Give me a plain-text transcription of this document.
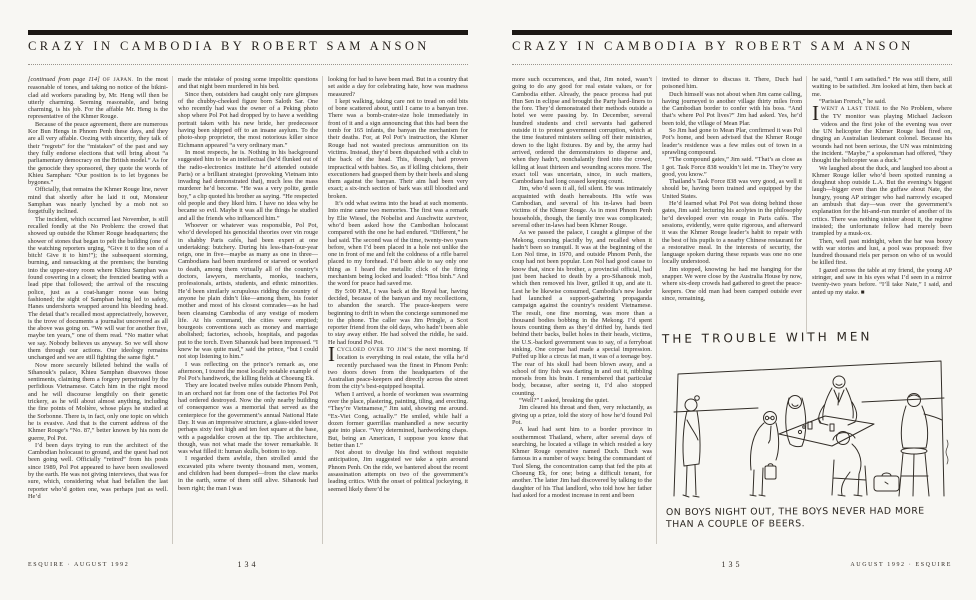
CRAZY IN CAMBODIA BY ROBERT SAM ANSON

[continued from page 114] OF JAPAN. In the most reasonable of tones, and taking no notice of the bikini-clad aid workers parading by, Mr. Heng will then be utterly charming. Seeming reasonable, and being charming, is his job. For the affable Mr. Heng is the representative of the Khmer Rouge.

Because of the peace agreement, there are numerous Kor Bun Hengs in Phnom Penh these days, and they are all very affable. Oozing with sincerity, they talk of their “regrets” for the “mistakes” of the past and say they fully endorse elections that will bring about “a parliamentary democracy on the British model.” As for the genocide they sponsored, they quote the words of Khieu Samphan: “Our position is to let bygones be bygones.”

Officially, that remains the Khmer Rouge line, never mind that shortly after he laid it out, Monsieur Samphan was nearly lynched by a mob not so forgetfully inclined.

The incident, which occurred last November, is still recalled fondly at the No Problem: the crowd that showed up outside the Khmer Rouge headquarters; the shower of stones that began to pelt the building (one of the watching reporters urging, “Give it to the son of a bitch! Give it to him!”); the subsequent storming, burning, and ransacking at the premises; the bursting into the upper-story room where Khieu Samphan was found cowering in a closet; the frenzied beating with a lead pipe that followed; the arrival of the rescuing police, just as a coat-hanger noose was being fashioned; the sight of Samphan being led to safety, Hanes undershorts wrapped around his bleeding head. The detail that’s recalled most appreciatively, however, is the trove of documents a journalist uncovered as all the above was going on. “We will war for another five, maybe ten years,” one of them read. “No matter what we say. Nobody believes us anyway. So we will show them through our actions. Our ideology remains unchanged and we are still fighting the same fight.”

Now more securely billeted behind the walls of Sihanouk’s palace, Khieu Samphan disavows those sentiments, claiming them a forgery perpetrated by the perfidious Vietnamese. Catch him in the right mood and he will discourse lengthily on their genetic trickery, as he will about almost anything, including the fine points of Molière, whose plays he studied at the Sorbonne. There is, in fact, only one topic on which he is evasive. And that is the current address of the Khmer Rouge’s “No. 87,” better known by his nom de guerre, Pol Pot.

I’d been days trying to run the architect of the Cambodian holocaust to ground, and the quest had not been going well. Officially “retired” from his posts since 1989, Pol Pot appeared to have been swallowed by the earth. He was not giving interviews, that was for sure, which, considering what had befallen the last reporter who’d gotten one, was perhaps just as well. He’d

made the mistake of posing some impolitic questions and that night been murdered in his bed.

Since then, outsiders had caught only rare glimpses of the chubby-cheeked figure born Saloth Sar. One who recently had was the owner of a Peking photo shop where Pol Pot had dropped by to have a wedding portrait taken with his new bride, her predecessor having been shipped off to an insane asylum. To the photo-shop proprietor, the most notorious killer since Eichmann appeared “a very ordinary man.”

In most respects, he is. Nothing in his background suggested him to be an intellectual (he’d flunked out of the radio-electronics institute he’d attended outside Paris) or a brilliant strategist (provoking Vietnam into invading had demonstrated that), much less the mass murderer he’d become. “He was a very polite, gentle boy,” a clip quoted his brother as saying. “He respected old people and they liked him. I have no idea why he became so evil. Maybe it was all the things he studied and all the friends who influenced him.”

Whoever or whatever was responsible, Pol Pot, who’d developed his genocidal theories over vin rouge in shabby Paris cafés, had been expert at one undertaking: butchery. During his less-than-four-year reign, one in five—maybe as many as one in three—Cambodians had been murdered or starved or worked to death, among them virtually all of the country’s doctors, lawyers, merchants, monks, teachers, professionals, artists, students, and ethnic minorities. He’d been similarly scrupulous ridding the country of anyone he plain didn’t like—among them, his foster mother and most of his closest comrades—as he had been cleansing Cambodia of any vestige of modern life. At his command, the cities were emptied; bourgeois conventions such as money and marriage abolished; factories, schools, hospitals, and pagodas put to the torch. Even Sihanouk had been impressed. “I knew he was quite mad,” said the prince, “but I could not stop listening to him.”

I was reflecting on the prince’s remark as, one afternoon, I toured the most locally notable example of Pol Pot’s handiwork, the killing fields at Choeung Ek.

They are located twelve miles outside Phnom Penh, in an orchard not far from one of the factories Pol Pot had ordered destroyed. Now the only nearby building of consequence was a memorial that served as the centerpiece for the government’s annual National Hate Day. It was an impressive structure, a glass-sided tower perhaps sixty feet high and ten feet square at the base, with a pagodalike crown at the tip. The architecture, though, was not what made the tower remarkable. It was what filled it: human skulls, bottom to top.

I regarded them awhile, then strolled amid the excavated pits where twenty thousand men, women, and children had been dumped—from the claw marks in the earth, some of them still alive. Sihanouk had been right; the man I was

looking for had to have been mad. But in a country that set aside a day for celebrating hate, how was madness measured?

I kept walking, taking care not to tread on odd bits of bone scattered about, until I came to a banyan tree. There was a bomb-crater-size hole immediately in front of it and a sign announcing that this had been the tomb for 165 infants, the banyan the mechanism for their deaths. For, at Pol Pot’s instruction, the Khmer Rouge had not wasted precious ammunition on its victims. Instead, they’d been dispatched with a club to the back of the head. This, though, had proven impractical with babies. So, as if killing chickens, their executioners had grasped them by their heels and slung them against the banyan. Their aim had been very exact; a six-inch section of bark was still bloodied and broken.

It’s odd what swims into the head at such moments. Into mine came two memories. The first was a remark by Elie Wiesel, the Nobelist and Auschwitz survivor, who’d been asked how the Cambodian holocaust compared with the one he had endured. “Different,” he had said. The second was of the time, twenty-two years before, when I’d been placed in a hole not unlike the one in front of me and felt the coldness of a rifle barrel placed to my forehead. I’d been able to say only one thing as I heard the metallic click of the firing mechanism being locked and loaded: “Hoa binh.” And the word for peace had saved me.

By 5:00 P.M., I was back at the Royal bar, having decided, because of the banyan and my recollections, to abandon the search. The peace-keepers were beginning to drift in when the concierge summoned me to the phone. The caller was Jim Pringle, a Scot reporter friend from the old days, who hadn’t been able to stay away either. He had solved the riddle, he said. He had found Pol Pot.

ICYCLOED OVER TO JIM’S the next morning. If location is everything in real estate, the villa he’d recently purchased was the finest in Phnom Penh: two doors down from the headquarters of the Australian peace-keepers and directly across the street from the city’s best-equipped hospital.

When I arrived, a horde of workmen was swarming over the place, plastering, painting, tiling, and erecting. “They’re Vietnamese,” Jim said, showing me around. “Ex-Viet Cong, actually.” He smiled, while half a dozen former guerrillas manhandled a new security gate into place. “Very determined, hardworking chaps. But, being an American, I suppose you know that better than I.”

Not about to divulge his find without requisite anticipation, Jim suggested we take a spin around Phnom Penh. On the ride, we bantered about the recent assassination attempts on two of the government’s leading critics. With the onset of political jockeying, it seemed likely there’d be

134
ESQUIRE · AUGUST 1992
CRAZY IN CAMBODIA BY ROBERT SAM ANSON

more such occurrences, and that, Jim noted, wasn’t going to do any good for real estate values, or for Cambodia either. Already, the peace process had put Hun Sen in eclipse and brought the Party hard-liners to the fore. They’d demonstrated their methods outside a hotel we were passing by. In December, several hundred students and civil servants had gathered outside it to protest government corruption, which at the time featured ministers selling off their ministries, down to the light fixtures. By and by, the army had arrived, ordered the demonstrators to disperse and, when they hadn’t, nonchalantly fired into the crowd, killing at least thirteen and wounding scores more. The exact toll was uncertain, since, in such matters, Cambodians had long ceased keeping count.

Jim, who’d seen it all, fell silent. He was intimately acquainted with death hereabouts. His wife was Cambodian, and several of his in-laws had been victims of the Khmer Rouge. As in most Phnom Penh households, though, the family tree was complicated; several other in-laws had been Khmer Rouge.

As we passed the palace, I caught a glimpse of the Mekong, coursing placidly by, and recalled when it hadn’t been so tranquil. It was at the beginning of the Lon Nol time, in 1970, and outside Phnom Penh, the coup had not been popular. Lon Nol had good cause to know that, since his brother, a provincial official, had just been hacked to death by a pro-Sihanouk mob, which then removed his liver, grilled it up, and ate it. Lest he be likewise consumed, Cambodia’s new leader had launched a support-gathering propaganda campaign against the country’s resident Vietnamese. The result, one fine morning, was more than a thousand bodies bobbing in the Mekong. I’d spent hours counting them as they’d drifted by, hands tied behind their backs, bullet holes in their heads, victims, the U.S.-backed government was to say, of a ferryboat sinking. One corpse had made a special impression. Puffed up like a circus fat man, it was of a teenage boy. The rear of his skull had been blown away, and a school of tiny fish was darting in and out it, nibbling morsels from his brain. I remembered that particular body, because, after seeing it, I’d also stopped counting.

“Well?” I asked, breaking the quiet.

Jim cleared his throat and then, very reluctantly, as giving up a prize, told the story of how he’d found Pol Pot.

A lead had sent him to a border province in southernmost Thailand, where, after several days of searching, he located a village in which resided a key Khmer Rouge operative named Duch. Duch was famous in a number of ways: being the commandant of Tuol Sleng, the concentration camp that fed the pits at Choeung Ek, for one; being a difficult tenant, for another. The latter Jim had discovered by talking to the daughter of his Thai landlord, who told how her father had asked for a modest increase in rent and been

invited to dinner to discuss it. There, Duch had poisoned him.

Duch himself was not about when Jim came calling, having journeyed to another village thirty miles from the Cambodian border to confer with his boss. “And that’s where Pol Pot lives?” Jim had asked. Yes, he’d been told, the village of Mean Plar.

So Jim had gone to Mean Plar, confirmed it was Pol Pot’s home, and been advised that the Khmer Rouge leader’s residence was a few miles out of town in a sprawling compound.

“The compound gates,” Jim said. “That’s as close as I got. Task Force 838 wouldn’t let me in. They’re very good, you know.”

Thailand’s Task Force 838 was very good, as well it should be, having been trained and equipped by the United States.

He’d learned what Pol Pot was doing behind those gates, Jim said: lecturing his acolytes in the philosophy he’d developed over vin rouge in Paris cafés. The sessions, evidently, were quite rigorous, and afterward it was the Khmer Rouge leader’s habit to repair with the best of his pupils to a nearby Chinese restaurant for a restorative meal. In the interests of security, the language spoken during these repasts was one no one locally understood.

Jim stopped, knowing he had me hanging for the snapper. We were close by the Australia House by now, where six-deep crowds had gathered to greet the peace-keepers. One old man had been camped outside ever since, remaining,

he said, “until I am satisfied.” He was still there, still waiting to be satisfied. Jim looked at him, then back at me.

“Parisian French,” he said.

IWENT A LAST TIME to the No Problem, where the TV monitor was playing Michael Jackson videos and the first joke of the evening was over the UN helicopter the Khmer Rouge had fired on, dinging an Australian lieutenant colonel. Because his wounds had not been serious, the UN was minimizing the incident. “Maybe,” a spokesman had offered, “they thought the helicopter was a duck.”

We laughed about the duck, and laughed too about a Khmer Rouge killer who’d been spotted running a doughnut shop outside L.A. But the evening’s biggest laugh—bigger even than the guffaw about Nate, the hungry, young AP stringer who had narrowly escaped an ambush that day—was over the government’s explanation for the hit-and-run murder of another of its critics. There was nothing sinister about it, the regime insisted; the unfortunate fellow had merely been trampled by a musk-ox.

Then, well past midnight, when the bar was boozy with war stories and lust, a pool was proposed: five hundred thousand riels per person on who of us would be killed first.

I gazed across the table at my friend, the young AP stringer, and saw in his eyes what I’d seen in a mirror twenty-two years before. “I’ll take Nate,” I said, and anted up my stake. ■

THE TROUBLE WITH MEN

ON BOYS NIGHT OUT, THE BOYS NEVER HAD MORE THAN A COUPLE OF BEERS.

135	AUGUST 1992 · ESQUIRE
